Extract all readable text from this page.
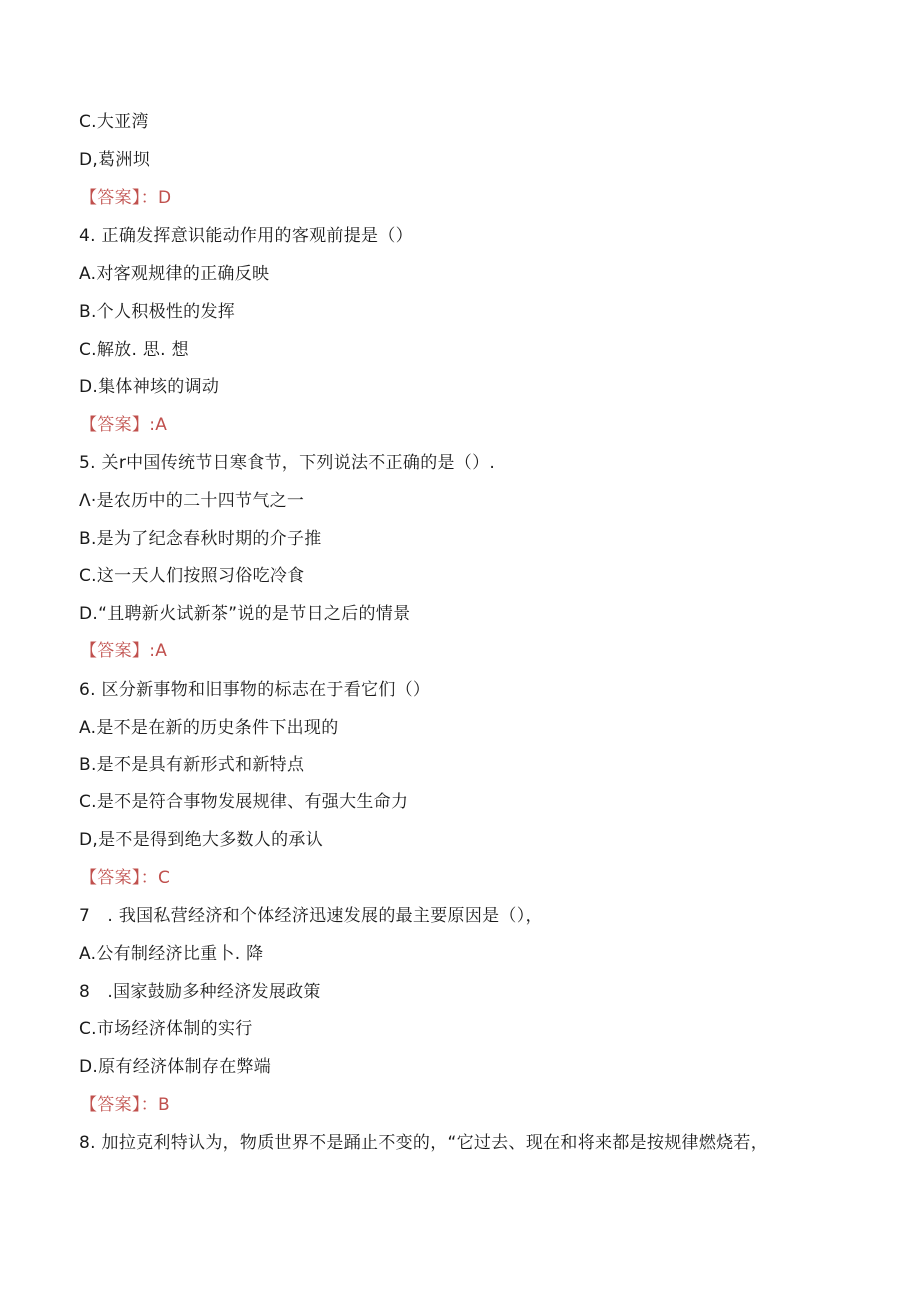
C.大亚湾
D,葛洲坝
【答案】：D
4. 正确发挥意识能动作用的客观前提是（）
A.对客观规律的正确反映
B.个人积极性的发挥
C.解放. 思. 想
D.集体神垓的调动
【答案】:A
5. 关r中国传统节日寒食节，下列说法不正确的是（）.
Λ·是农历中的二十四节气之一
B.是为了纪念春秋时期的介子推
C.这一天人们按照习俗吃冷食
D.“且聘新火试新茶”说的是节日之后的情景
【答案】:A
6. 区分新事物和旧事物的标志在于看它们（）
A.是不是在新的历史条件下出现的
B.是不是具有新形式和新特点
C.是不是符合事物发展规律、有强大生命力
D,是不是得到绝大多数人的承认
【答案】：C
7　. 我国私营经济和个体经济迅速发展的最主要原因是（），
A.公有制经济比重卜. 降
8　.国家鼓励多种经济发展政策
C.市场经济体制的实行
D.原有经济体制存在弊端
【答案】：B
8. 加拉克利特认为，物质世界不是踊止不变的，“它过去、现在和将来都是按规律燃烧若，
